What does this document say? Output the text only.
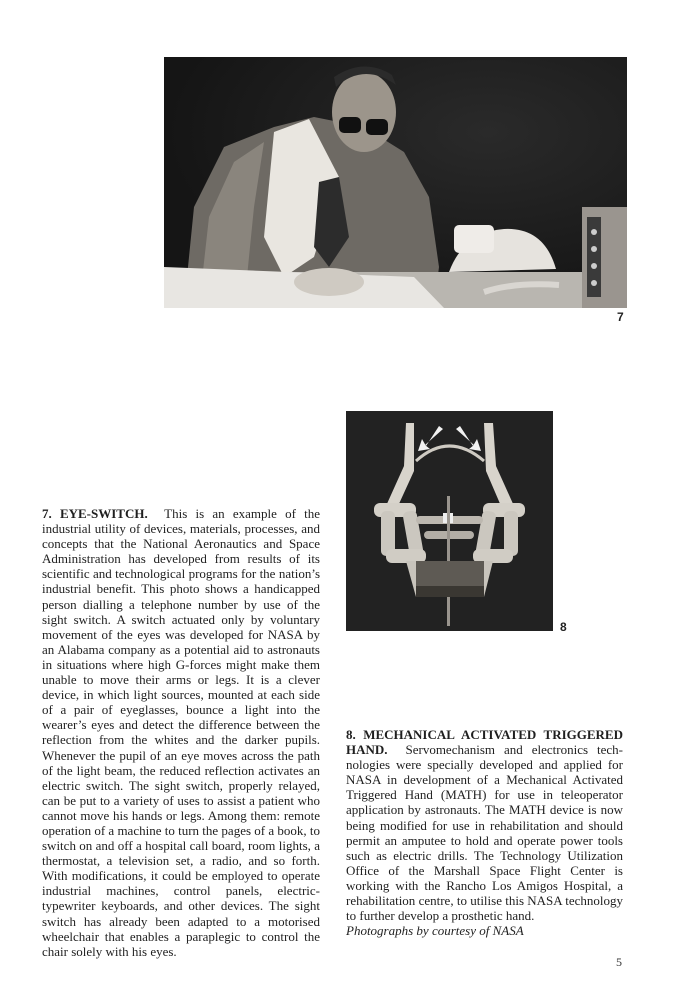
7
8
7. EYE-SWITCH. This is an example of the industrial utility of devices, materials, processes, and concepts that the National Aeronautics and Space Administration has developed from results of its scientific and technological programs for the nation’s industrial benefit. This photo shows a handicapped person dialling a telephone number by use of the sight switch. A switch actuated only by voluntary movement of the eyes was developed for NASA by an Alabama company as a potential aid to astronauts in situations where high G-forces might make them unable to move their arms or legs. It is a clever device, in which light sources, mounted at each side of a pair of eyeglasses, bounce a light into the wearer’s eyes and detect the difference between the reflection from the whites and the darker pupils. Whenever the pupil of an eye moves across the path of the light beam, the reduced reflection activates an electric switch. The sight switch, properly relayed, can be put to a variety of uses to assist a patient who cannot move his hands or legs. Among them: remote operation of a machine to turn the pages of a book, to switch on and off a hospital call board, room lights, a thermostat, a television set, a radio, and so forth. With modifications, it could be employed to operate industrial machines, control panels, electric-typewriter keyboards, and other devices. The sight switch has already been adapted to a motorised wheelchair that enables a paraplegic to control the chair solely with his eyes.
8. MECHANICAL ACTIVATED TRIGGERED HAND. Servomechanism and electronics technologies were specially developed and applied for NASA in development of a Mechanical Activated Triggered Hand (MATH) for use in teleoperator application by astronauts. The MATH device is now being modified for use in rehabilitation and should permit an amputee to hold and operate power tools such as electric drills. The Technology Utilization Office of the Marshall Space Flight Center is working with the Rancho Los Amigos Hospital, a rehabilitation centre, to utilise this NASA technology to further develop a prosthetic hand.
Photographs by courtesy of NASA
5
